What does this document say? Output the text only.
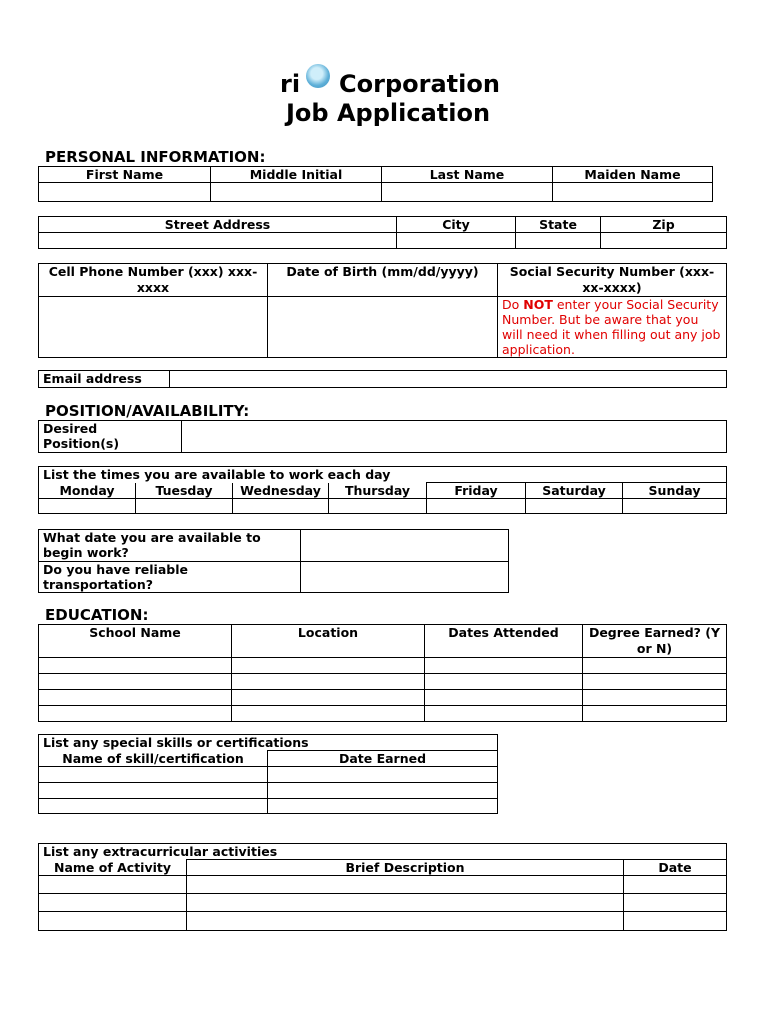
ri Corporation
Job Application
PERSONAL INFORMATION:
First Name	Middle Initial	Last Name	Maiden Name

Street Address	City	State	Zip

Cell Phone Number (xxx) xxx-xxxx	Date of Birth (mm/dd/yyyy)	Social Security Number (xxx-xx-xxxx)
		Do NOT enter your Social Security Number. But be aware that you will need it when filling out any job application.
Email address	
POSITION/AVAILABILITY:
Desired Position(s)	
List the times you are available to work each day						
Monday	Tuesday	Wednesday	Thursday	Friday	Saturday	Sunday

What date you are available to begin work?	
Do you have reliable transportation?	
EDUCATION:
School Name	Location	Dates Attended	Degree Earned? (Y or N)

List any special skills or certifications	
Name of skill/certification	Date Earned

List any extracurricular activities		
Name of Activity	Brief Description	Date
